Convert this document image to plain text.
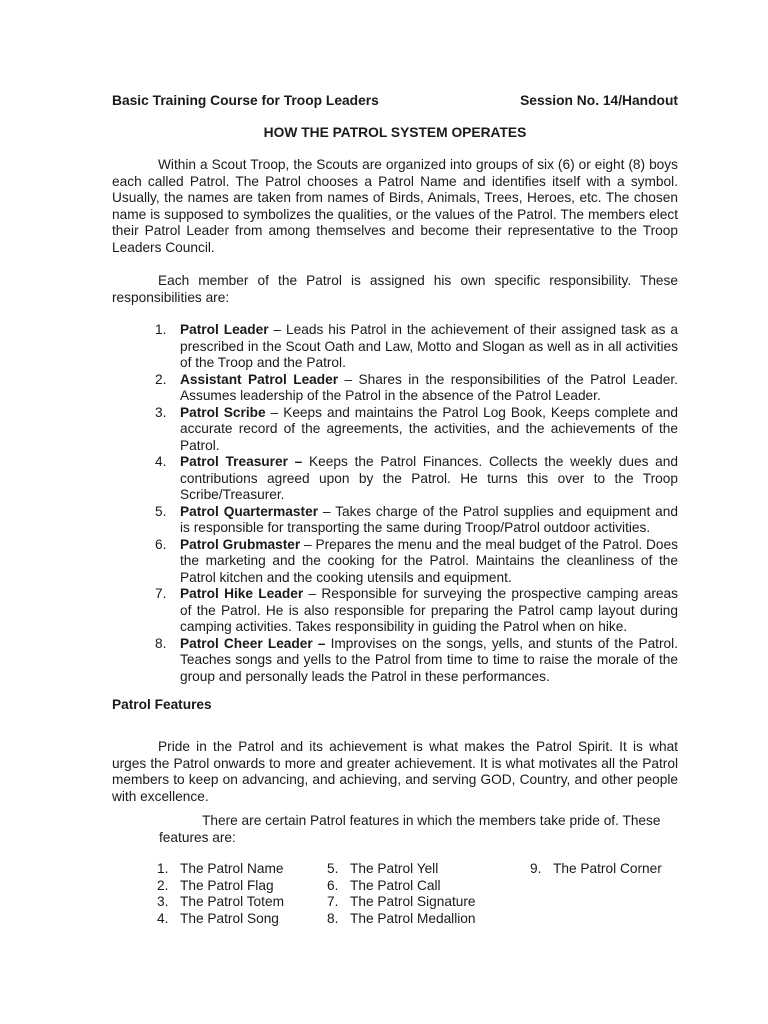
Basic Training Course for Troop Leaders	Session No. 14/Handout
HOW THE PATROL SYSTEM OPERATES
Within a Scout Troop, the Scouts are organized into groups of six (6) or eight (8) boys each called Patrol. The Patrol chooses a Patrol Name and identifies itself with a symbol. Usually, the names are taken from names of Birds, Animals, Trees, Heroes, etc. The chosen name is supposed to symbolizes the qualities, or the values of the Patrol. The members elect their Patrol Leader from among themselves and become their representative to the Troop Leaders Council.
Each member of the Patrol is assigned his own specific responsibility. These responsibilities are:
1. Patrol Leader – Leads his Patrol in the achievement of their assigned task as a prescribed in the Scout Oath and Law, Motto and Slogan as well as in all activities of the Troop and the Patrol.
2. Assistant Patrol Leader – Shares in the responsibilities of the Patrol Leader. Assumes leadership of the Patrol in the absence of the Patrol Leader.
3. Patrol Scribe – Keeps and maintains the Patrol Log Book, Keeps complete and accurate record of the agreements, the activities, and the achievements of the Patrol.
4. Patrol Treasurer – Keeps the Patrol Finances. Collects the weekly dues and contributions agreed upon by the Patrol. He turns this over to the Troop Scribe/Treasurer.
5. Patrol Quartermaster – Takes charge of the Patrol supplies and equipment and is responsible for transporting the same during Troop/Patrol outdoor activities.
6. Patrol Grubmaster – Prepares the menu and the meal budget of the Patrol. Does the marketing and the cooking for the Patrol. Maintains the cleanliness of the Patrol kitchen and the cooking utensils and equipment.
7. Patrol Hike Leader – Responsible for surveying the prospective camping areas of the Patrol. He is also responsible for preparing the Patrol camp layout during camping activities. Takes responsibility in guiding the Patrol when on hike.
8. Patrol Cheer Leader – Improvises on the songs, yells, and stunts of the Patrol. Teaches songs and yells to the Patrol from time to time to raise the morale of the group and personally leads the Patrol in these performances.
Patrol Features
Pride in the Patrol and its achievement is what makes the Patrol Spirit. It is what urges the Patrol onwards to more and greater achievement. It is what motivates all the Patrol members to keep on advancing, and achieving, and serving GOD, Country, and other people with excellence.
There are certain Patrol features in which the members take pride of. These features are:
1. The Patrol Name
2. The Patrol Flag
3. The Patrol Totem
4. The Patrol Song
5. The Patrol Yell
6. The Patrol Call
7. The Patrol Signature
8. The Patrol Medallion
9. The Patrol Corner
